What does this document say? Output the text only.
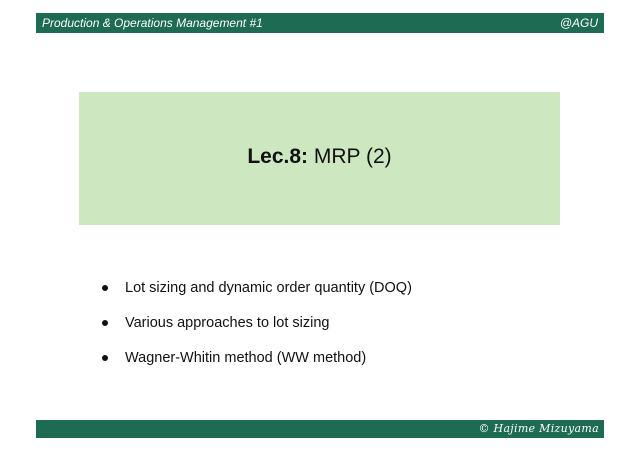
Production & Operations Management #1	@AGU
Lec.8: MRP (2)
Lot sizing and dynamic order quantity (DOQ)
Various approaches to lot sizing
Wagner-Whitin method (WW method)
© Hajime Mizuyama
